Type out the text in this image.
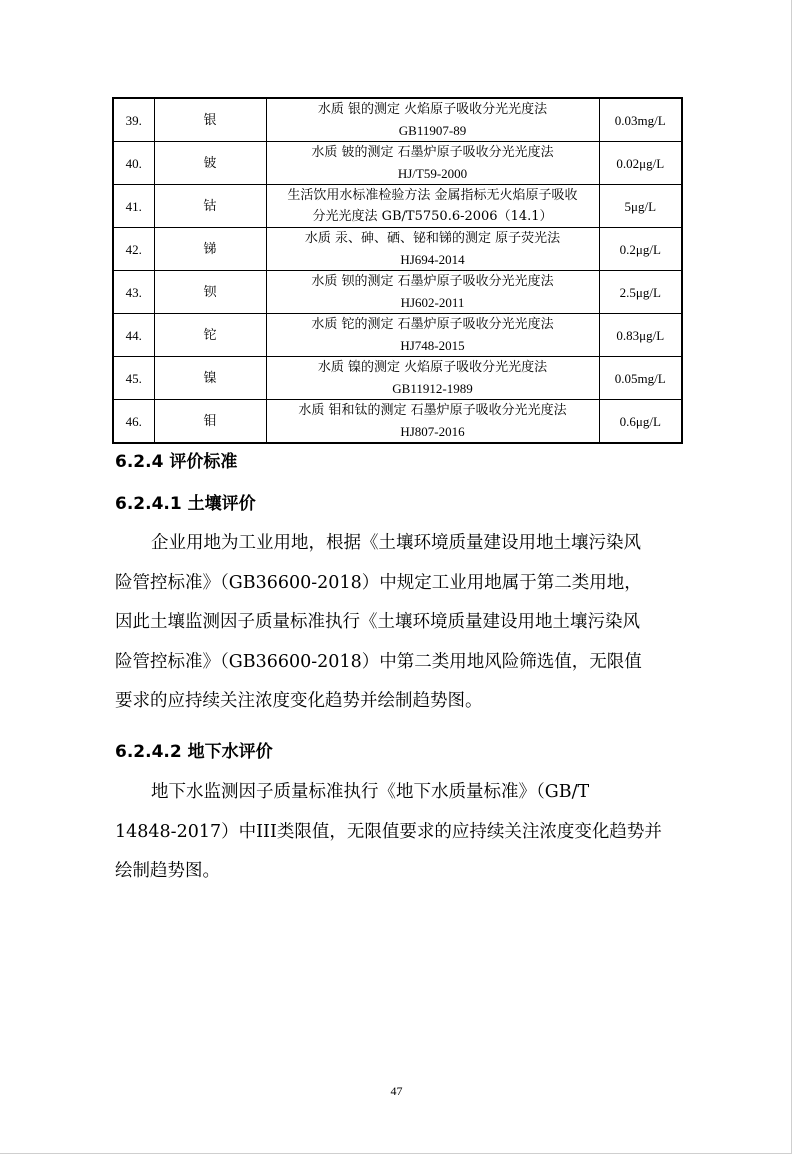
39.	银	水质 银的测定 火焰原子吸收分光光度法
GB11907-89	0.03mg/L
40.	铍	水质 铍的测定 石墨炉原子吸收分光光度法
HJ/T59-2000	0.02μg/L
41.	钴	生活饮用水标准检验方法 金属指标无火焰原子吸收
分光光度法 GB/T5750.6-2006（14.1）	5μg/L
42.	锑	水质 汞、砷、硒、铋和锑的测定 原子荧光法
HJ694-2014	0.2μg/L
43.	钡	水质 钡的测定 石墨炉原子吸收分光光度法
HJ602-2011	2.5μg/L
44.	铊	水质 铊的测定 石墨炉原子吸收分光光度法
HJ748-2015	0.83μg/L
45.	镍	水质 镍的测定 火焰原子吸收分光光度法
GB11912-1989	0.05mg/L
46.	钼	水质 钼和钛的测定 石墨炉原子吸收分光光度法
HJ807-2016	0.6μg/L
6.2.4 评价标准
6.2.4.1 土壤评价
企业用地为工业用地，根据《土壤环境质量建设用地土壤污染风
险管控标准》（GB36600-2018）中规定工业用地属于第二类用地，
因此土壤监测因子质量标准执行《土壤环境质量建设用地土壤污染风
险管控标准》（GB36600-2018）中第二类用地风险筛选值，无限值
要求的应持续关注浓度变化趋势并绘制趋势图。
6.2.4.2 地下水评价
地下水监测因子质量标准执行《地下水质量标准》（GB/T
14848-2017）中III类限值，无限值要求的应持续关注浓度变化趋势并
绘制趋势图。
47
